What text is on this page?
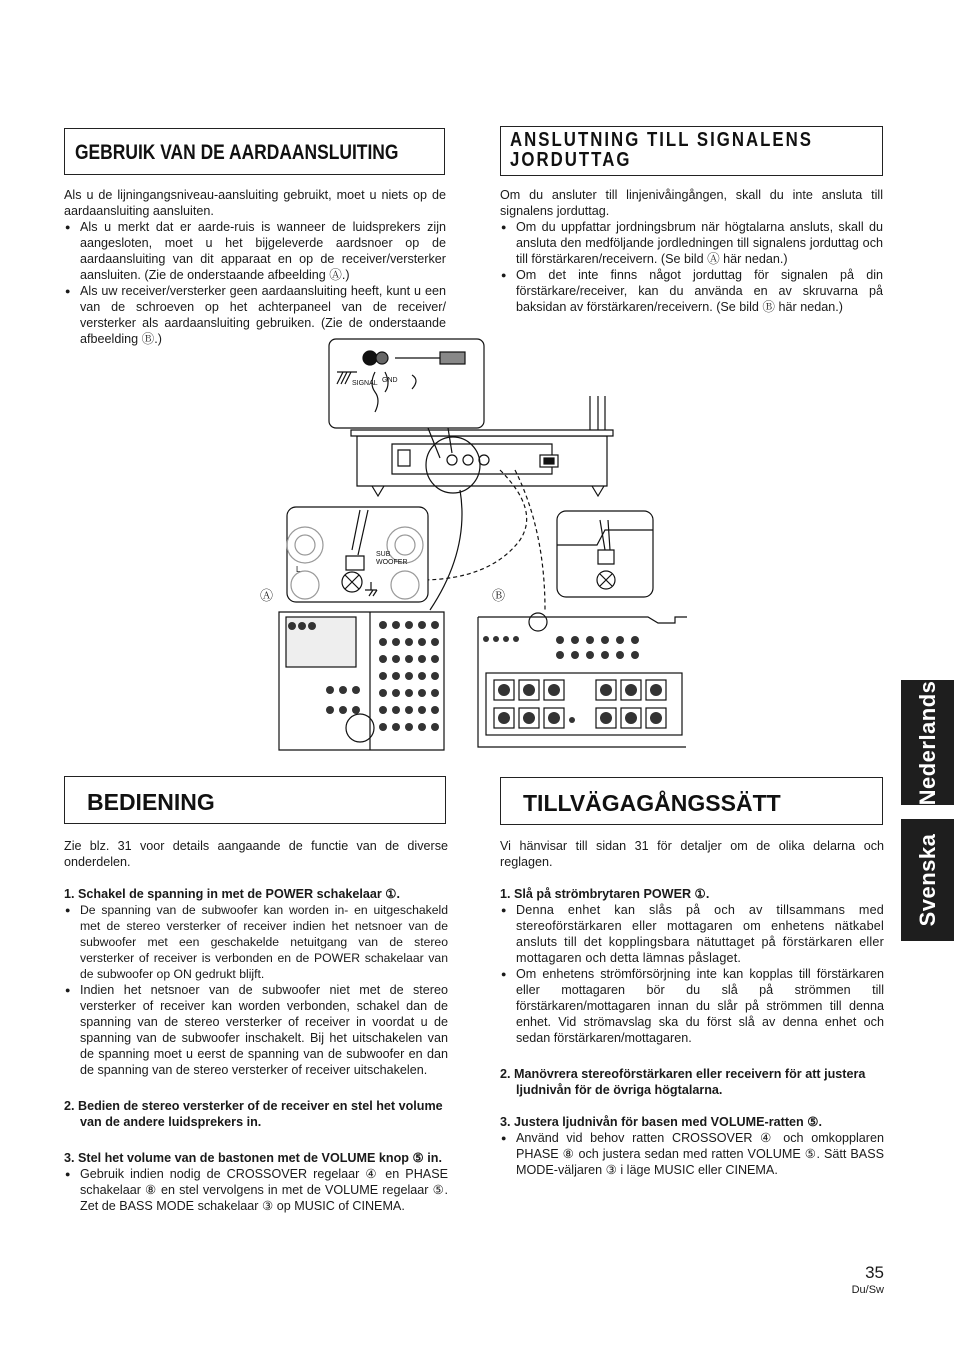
GEBRUIK VAN DE AARDAANSLUITING
Als u de lijningangsniveau-aansluiting gebruikt, moet u niets op de aardaansluiting aansluiten.
● Als u merkt dat er aarde-ruis is wanneer de luidsprekers zijn aangesloten, moet u het bijgeleverde aardsnoer op de aardaansluiting van dit apparaat en op de receiver/versterker aansluiten. (Zie de onderstaande afbeelding Ⓐ.)
● Als uw receiver/versterker geen aardaansluiting heeft, kunt u een van de schroeven op het achterpaneel van de receiver/ versterker als aardaansluiting gebruiken. (Zie de onderstaande afbeelding Ⓑ.)
BEDIENING
Zie blz. 31 voor details aangaande de functie van de diverse onderdelen.
1. Schakel de spanning in met de POWER schakelaar ①.
● De spanning van de subwoofer kan worden in- en uitgeschakeld met de stereo versterker of receiver indien het netsnoer van de subwoofer met een geschakelde netuitgang van de stereo versterker of receiver is verbonden en de POWER schakelaar van de subwoofer op ON gedrukt blijft.
● Indien het netsnoer van de subwoofer niet met de stereo versterker of receiver kan worden verbonden, schakel dan de spanning van de stereo versterker of receiver in voordat u de spanning van de subwoofer inschakelt. Bij het uitschakelen van de spanning moet u eerst de spanning van de subwoofer en dan de spanning van de stereo versterker of receiver uitschakelen.
2. Bedien de stereo versterker of de receiver en stel het volume van de andere luidsprekers in.
3. Stel het volume van de bastonen met de VOLUME knop ⑤ in.
● Gebruik indien nodig de CROSSOVER regelaar ④ en PHASE schakelaar ⑧ en stel vervolgens in met de VOLUME regelaar ⑤. Zet de BASS MODE schakelaar ③ op MUSIC of CINEMA.
ANSLUTNING TILL SIGNALENS JORDUTTAG
Om du ansluter till linjenivåingången, skall du inte ansluta till signalens jorduttag.
● Om du uppfattar jordningsbrum när högtalarna ansluts, skall du ansluta den medföljande jordledningen till signalens jorduttag och till förstärkaren/receivern. (Se bild Ⓐ här nedan.)
● Om det inte finns något jorduttag för signalen på din förstärkare/receiver, kan du använda en av skruvarna på baksidan av förstärkaren/receivern. (Se bild Ⓑ här nedan.)
TILLVÄGAGÅNGSSÄTT
Vi hänvisar till sidan 31 för detaljer om de olika delarna och reglagen.
1. Slå på strömbrytaren POWER ①.
● Denna enhet kan slås på och av tillsammans med stereoförstärkaren eller mottagaren om enhetens nätkabel ansluts till det kopplingsbara nätuttaget på förstärkaren eller mottagaren och detta lämnas påslaget.
● Om enhetens strömförsörjning inte kan kopplas till förstärkaren eller mottagaren bör du slå på strömmen till förstärkaren/mottagaren innan du slår på strömmen till denna enhet. Vid strömavslag ska du först slå av denna enhet och sedan förstärkaren/mottagaren.
2. Manövrera stereoförstärkaren eller receivern för att justera ljudnivån för de övriga högtalarna.
3. Justera ljudnivån för basen med VOLUME-ratten ⑤.
● Använd vid behov ratten CROSSOVER ④ och omkopplaren PHASE ⑧ och justera sedan med ratten VOLUME ⑤. Sätt BASS MODE-väljaren ③ i läge MUSIC eller CINEMA.
SIGNAL GND
SUB
WOOFER
L
Ⓐ	Ⓑ
Nederlands
Svenska
35
Du/Sw
